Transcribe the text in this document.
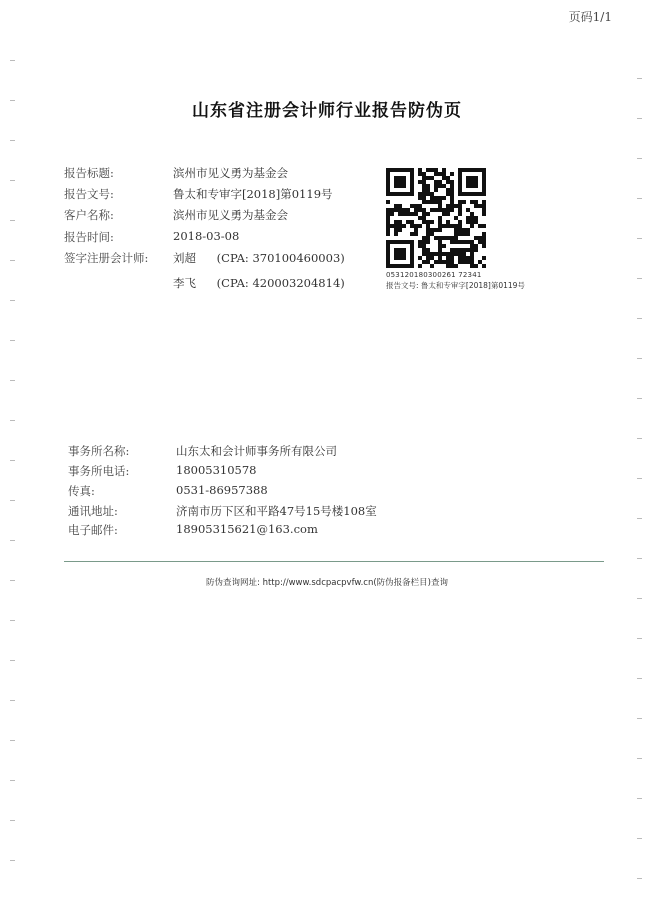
页码1/1
山东省注册会计师行业报告防伪页
报告标题:	滨州市见义勇为基金会
报告文号:	鲁太和专审字[2018]第0119号
客户名称:	滨州市见义勇为基金会
报告时间:	2018-03-08
签字注册会计师:	刘超 (CPA: 370100460003)
李飞 (CPA: 420003204814)
053120180300261 72341
报告文号: 鲁太和专审字[2018]第0119号
事务所名称:	山东太和会计师事务所有限公司
事务所电话:	18005310578
传真:	0531-86957388
通讯地址:	济南市历下区和平路47号15号楼108室
电子邮件:	18905315621@163.com
防伪查询网址: http://www.sdcpacpvfw.cn(防伪报备栏目)查询
